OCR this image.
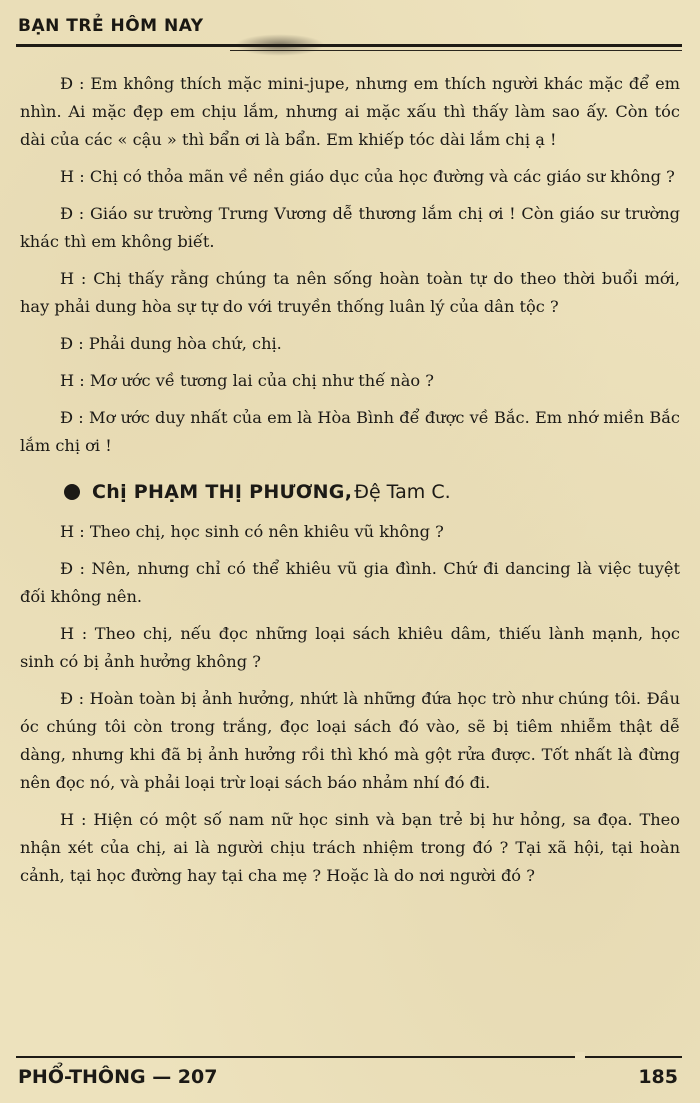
BẠN TRẺ HÔM NAY

Đ : Em không thích mặc mini-jupe, nhưng em thích người khác mặc để em nhìn. Ai mặc đẹp em chịu lắm, nhưng ai mặc xấu thì thấy làm sao ấy. Còn tóc dài của các « cậu » thì bẩn ơi là bẩn. Em khiếp tóc dài lắm chị ạ !

H : Chị có thỏa mãn về nền giáo dục của học đường và các giáo sư không ?

Đ : Giáo sư trường Trưng Vương dễ thương lắm chị ơi ! Còn giáo sư trường khác thì em không biết.

H : Chị thấy rằng chúng ta nên sống hoàn toàn tự do theo thời buổi mới, hay phải dung hòa sự tự do với truyền thống luân lý của dân tộc ?

Đ : Phải dung hòa chứ, chị.

H : Mơ ước về tương lai của chị như thế nào ?

Đ : Mơ ước duy nhất của em là Hòa Bình để được về Bắc. Em nhớ miền Bắc lắm chị ơi !

Chị PHẠM THỊ PHƯƠNG, Đệ Tam C.

H : Theo chị, học sinh có nên khiêu vũ không ?

Đ : Nên, nhưng chỉ có thể khiêu vũ gia đình. Chứ đi dancing là việc tuyệt đối không nên.

H : Theo chị, nếu đọc những loại sách khiêu dâm, thiếu lành mạnh, học sinh có bị ảnh hưởng không ?

Đ : Hoàn toàn bị ảnh hưởng, nhứt là những đứa học trò như chúng tôi. Đầu óc chúng tôi còn trong trắng, đọc loại sách đó vào, sẽ bị tiêm nhiễm thật dễ dàng, nhưng khi đã bị ảnh hưởng rồi thì khó mà gột rửa được. Tốt nhất là đừng nên đọc nó, và phải loại trừ loại sách báo nhảm nhí đó đi.

H : Hiện có một số nam nữ học sinh và bạn trẻ bị hư hỏng, sa đọa. Theo nhận xét của chị, ai là người chịu trách nhiệm trong đó ? Tại xã hội, tại hoàn cảnh, tại học đường hay tại cha mẹ ? Hoặc là do nơi người đó ?

PHỔ-THÔNG — 207	185
